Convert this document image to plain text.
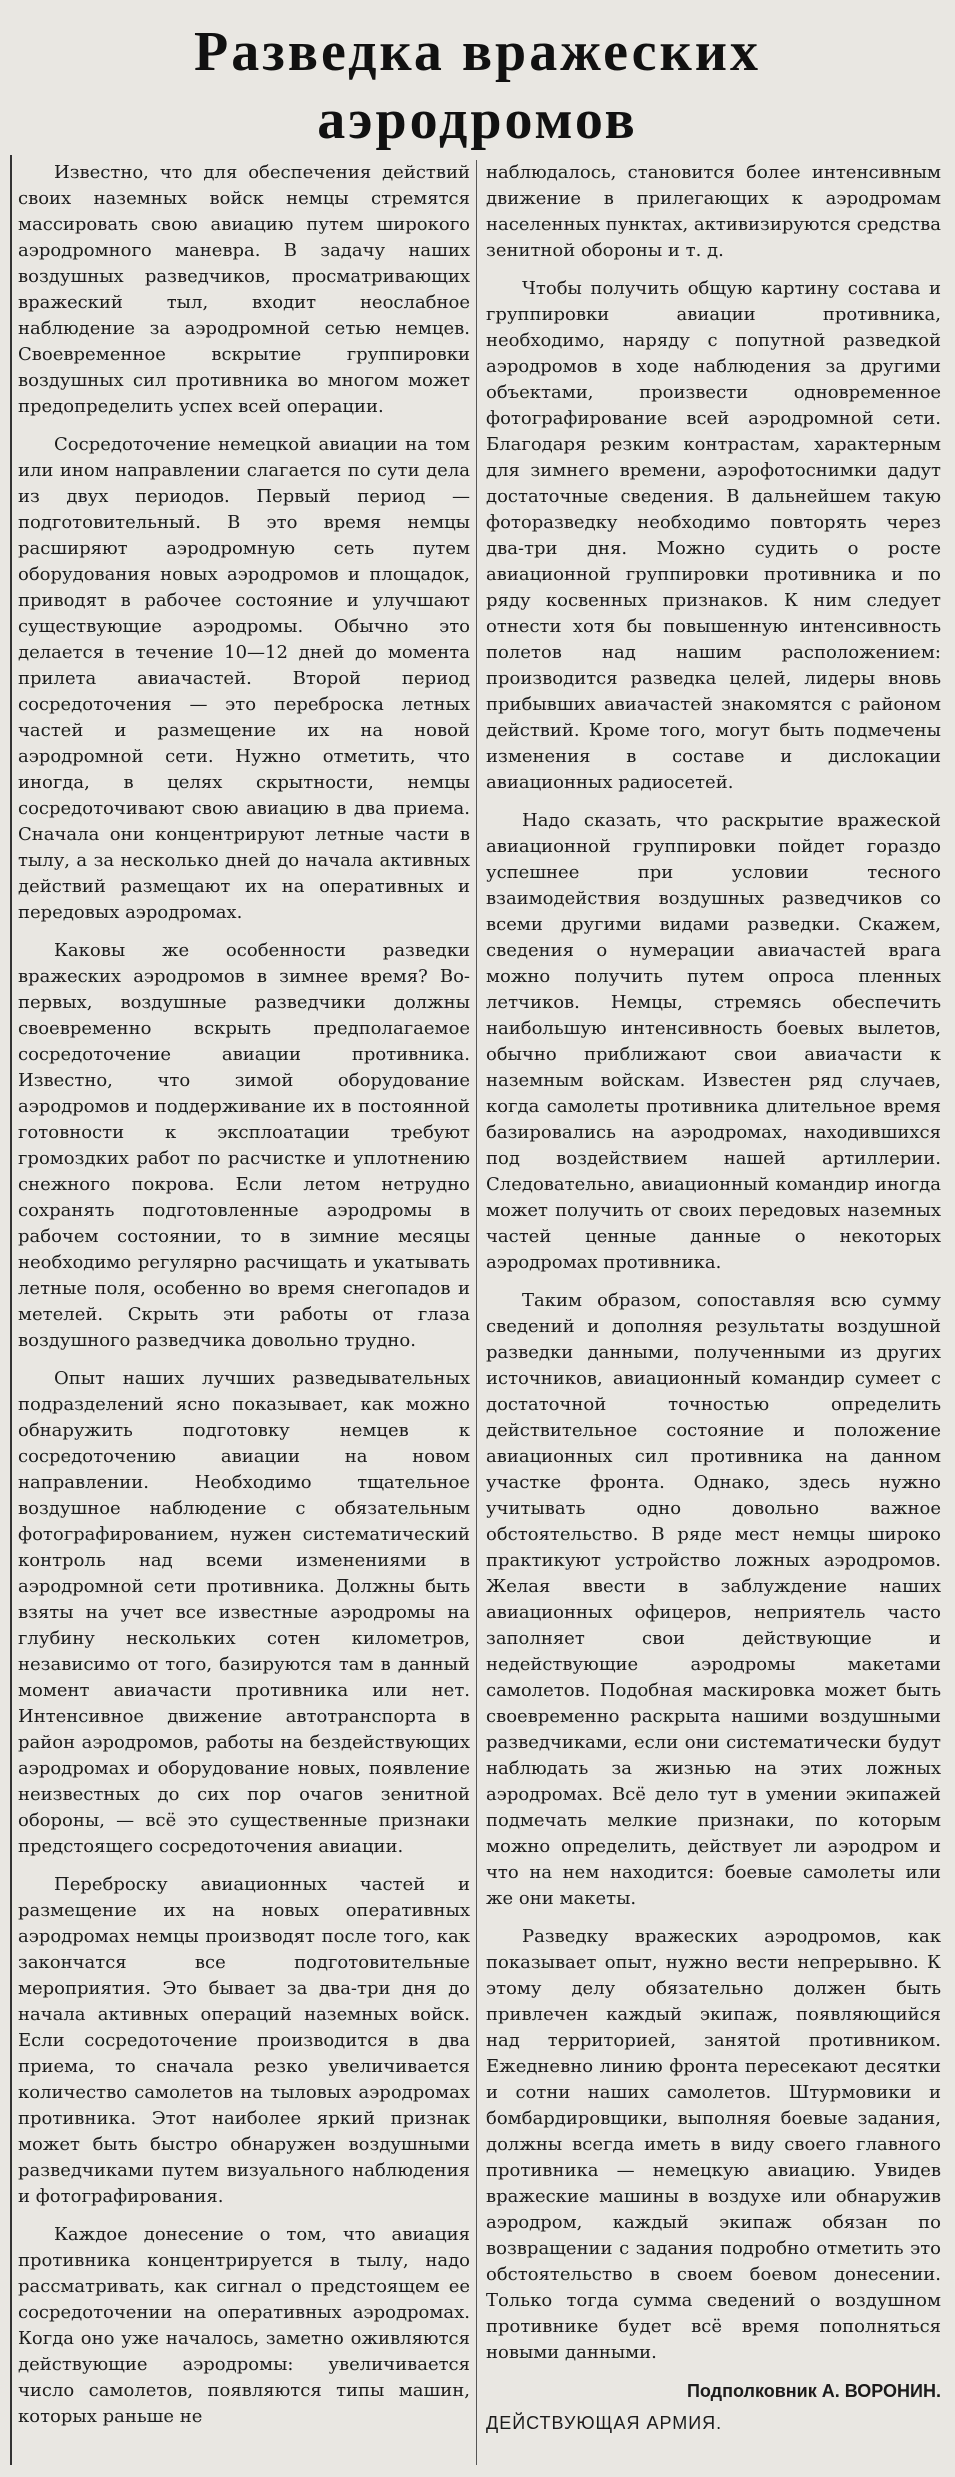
Разведка вражеских
аэродромов

Известно, что для обеспечения действий своих наземных войск немцы стремятся массировать свою авиацию путем широкого аэродромного маневра. В задачу наших воздушных разведчиков, просматривающих вражеский тыл, входит неослабное наблюдение за аэродромной сетью немцев. Своевременное вскрытие группировки воздушных сил противника во многом может предопределить успех всей операции.

Сосредоточение немецкой авиации на том или ином направлении слагается по сути дела из двух периодов. Первый период — подготовительный. В это время немцы расширяют аэродромную сеть путем оборудования новых аэродромов и площадок, приводят в рабочее состояние и улучшают существующие аэродромы. Обычно это делается в течение 10—12 дней до момента прилета авиачастей. Второй период сосредоточения — это переброска летных частей и размещение их на новой аэродромной сети. Нужно отметить, что иногда, в целях скрытности, немцы сосредоточивают свою авиацию в два приема. Сначала они концентрируют летные части в тылу, а за несколько дней до начала активных действий размещают их на оперативных и передовых аэродромах.

Каковы же особенности разведки вражеских аэродромов в зимнее время? Во-первых, воздушные разведчики должны своевременно вскрыть предполагаемое сосредоточение авиации противника. Известно, что зимой оборудование аэродромов и поддерживание их в постоянной готовности к эксплоатации требуют громоздких работ по расчистке и уплотнению снежного покрова. Если летом нетрудно сохранять подготовленные аэродромы в рабочем состоянии, то в зимние месяцы необходимо регулярно расчищать и укатывать летные поля, особенно во время снегопадов и метелей. Скрыть эти работы от глаза воздушного разведчика довольно трудно.

Опыт наших лучших разведывательных подразделений ясно показывает, как можно обнаружить подготовку немцев к сосредоточению авиации на новом направлении. Необходимо тщательное воздушное наблюдение с обязательным фотографированием, нужен систематический контроль над всеми изменениями в аэродромной сети противника. Должны быть взяты на учет все известные аэродромы на глубину нескольких сотен километров, независимо от того, базируются там в данный момент авиачасти противника или нет. Интенсивное движение автотранспорта в район аэродромов, работы на бездействующих аэродромах и оборудование новых, появление неизвестных до сих пор очагов зенитной обороны, — всё это существенные признаки предстоящего сосредоточения авиации.

Переброску авиационных частей и размещение их на новых оперативных аэродромах немцы производят после того, как закончатся все подготовительные мероприятия. Это бывает за два-три дня до начала активных операций наземных войск. Если сосредоточение производится в два приема, то сначала резко увеличивается количество самолетов на тыловых аэродромах противника. Этот наиболее яркий признак может быть быстро обнаружен воздушными разведчиками путем визуального наблюдения и фотографирования.

Каждое донесение о том, что авиация противника концентрируется в тылу, надо рассматривать, как сигнал о предстоящем ее сосредоточении на оперативных аэродромах. Когда оно уже началось, заметно оживляются действующие аэродромы: увеличивается число самолетов, появляются типы машин, которых раньше не

наблюдалось, становится более интенсивным движение в прилегающих к аэродромам населенных пунктах, активизируются средства зенитной обороны и т. д.

Чтобы получить общую картину состава и группировки авиации противника, необходимо, наряду с попутной разведкой аэродромов в ходе наблюдения за другими объектами, произвести одновременное фотографирование всей аэродромной сети. Благодаря резким контрастам, характерным для зимнего времени, аэрофотоснимки дадут достаточные сведения. В дальнейшем такую фоторазведку необходимо повторять через два-три дня. Можно судить о росте авиационной группировки противника и по ряду косвенных признаков. К ним следует отнести хотя бы повышенную интенсивность полетов над нашим расположением: производится разведка целей, лидеры вновь прибывших авиачастей знакомятся с районом действий. Кроме того, могут быть подмечены изменения в составе и дислокации авиационных радиосетей.

Надо сказать, что раскрытие вражеской авиационной группировки пойдет гораздо успешнее при условии тесного взаимодействия воздушных разведчиков со всеми другими видами разведки. Скажем, сведения о нумерации авиачастей врага можно получить путем опроса пленных летчиков. Немцы, стремясь обеспечить наибольшую интенсивность боевых вылетов, обычно приближают свои авиачасти к наземным войскам. Известен ряд случаев, когда самолеты противника длительное время базировались на аэродромах, находившихся под воздействием нашей артиллерии. Следовательно, авиационный командир иногда может получить от своих передовых наземных частей ценные данные о некоторых аэродромах противника.

Таким образом, сопоставляя всю сумму сведений и дополняя результаты воздушной разведки данными, полученными из других источников, авиационный командир сумеет с достаточной точностью определить действительное состояние и положение авиационных сил противника на данном участке фронта. Однако, здесь нужно учитывать одно довольно важное обстоятельство. В ряде мест немцы широко практикуют устройство ложных аэродромов. Желая ввести в заблуждение наших авиационных офицеров, неприятель часто заполняет свои действующие и недействующие аэродромы макетами самолетов. Подобная маскировка может быть своевременно раскрыта нашими воздушными разведчиками, если они систематически будут наблюдать за жизнью на этих ложных аэродромах. Всё дело тут в умении экипажей подмечать мелкие признаки, по которым можно определить, действует ли аэродром и что на нем находится: боевые самолеты или же они макеты.

Разведку вражеских аэродромов, как показывает опыт, нужно вести непрерывно. К этому делу обязательно должен быть привлечен каждый экипаж, появляющийся над территорией, занятой противником. Ежедневно линию фронта пересекают десятки и сотни наших самолетов. Штурмовики и бомбардировщики, выполняя боевые задания, должны всегда иметь в виду своего главного противника — немецкую авиацию. Увидев вражеские машины в воздухе или обнаружив аэродром, каждый экипаж обязан по возвращении с задания подробно отметить это обстоятельство в своем боевом донесении. Только тогда сумма сведений о воздушном противнике будет всё время пополняться новыми данными.

Подполковник А. ВОРОНИН.
ДЕЙСТВУЮЩАЯ АРМИЯ.
